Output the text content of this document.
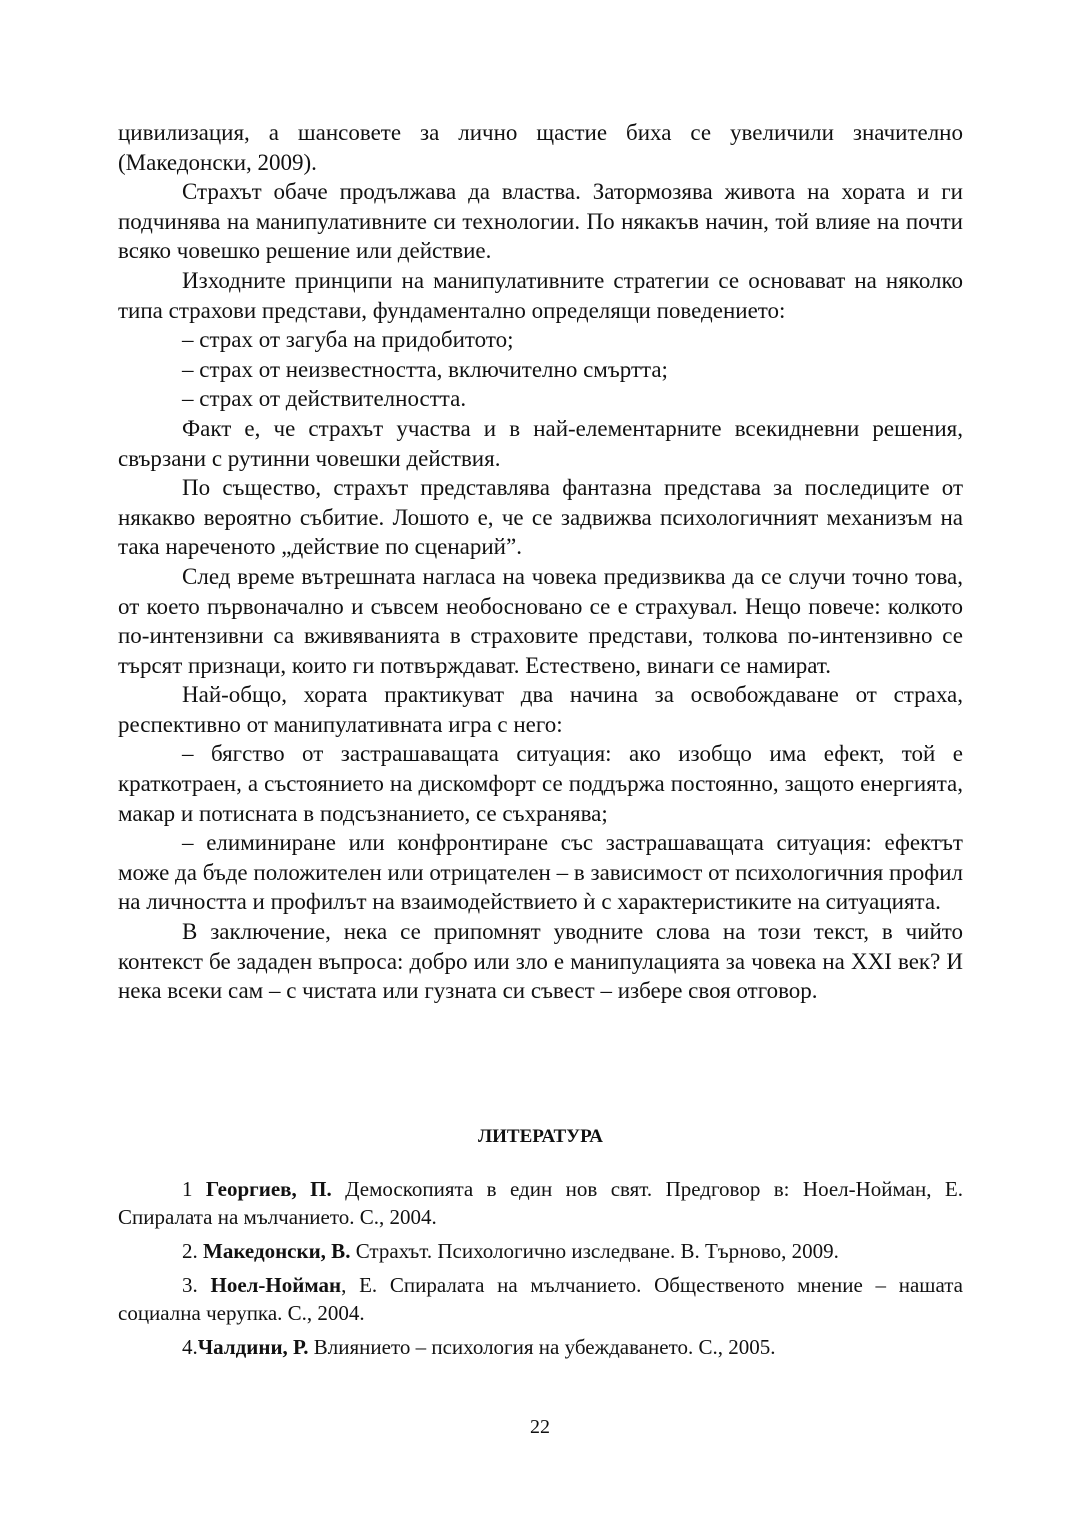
цивилизация, а шансовете за лично щастие биха се увеличили значително (Македонски, 2009).

Страхът обаче продължава да властва. Затормозява живота на хората и ги подчинява на манипулативните си технологии. По някакъв начин, той влияе на почти всяко човешко решение или действие.

Изходните принципи на манипулативните стратегии се основават на няколко типа страхови представи, фундаментално определящи поведението:

– страх от загуба на придобитото;

– страх от неизвестността, включително смъртта;

– страх от действителността.

Факт е, че страхът участва и в най-елементарните всекидневни решения, свързани с рутинни човешки действия.

По същество, страхът представлява фантазна представа за последиците от някакво вероятно събитие. Лошото е, че се задвижва психологичният механизъм на така нареченото „действие по сценарий”.

След време вътрешната нагласа на човека предизвиква да се случи точно това, от което първоначално и съвсем необосновано се е страхувал. Нещо повече: колкото по-интензивни са вживяванията в страховите представи, толкова по-интензивно се търсят признаци, които ги потвърждават. Естествено, винаги се намират.

Най-общо, хората практикуват два начина за освобождаване от страха, респективно от манипулативната игра с него:

– бягство от застрашаващата ситуация: ако изобщо има ефект, той е краткотраен, а състоянието на дискомфорт се поддържа постоянно, защото енергията, макар и потисната в подсъзнанието, се съхранява;

– елиминиране или конфронтиране със застрашаващата ситуация: ефектът може да бъде положителен или отрицателен – в зависимост от психологичния профил на личността и профилът на взаимодействието ѝ с характеристиките на ситуацията.

В заключение, нека се припомнят уводните слова на този текст, в чийто контекст бе зададен въпроса: добро или зло е манипулацията за човека на XXI век? И нека всеки сам – с чистата или гузната си съвест – избере своя отговор.

ЛИТЕРАТУРА

1 Георгиев, П. Демоскопията в един нов свят. Предговор в: Ноел-Нойман, Е. Спиралата на мълчанието. С., 2004.

2. Македонски, В. Страхът. Психологично изследване. В. Търново, 2009.

3. Ноел-Нойман, Е. Спиралата на мълчанието. Общественото мнение – нашата социална черупка. С., 2004.

4.Чалдини, Р. Влиянието – психология на убеждаването. С., 2005.

22
